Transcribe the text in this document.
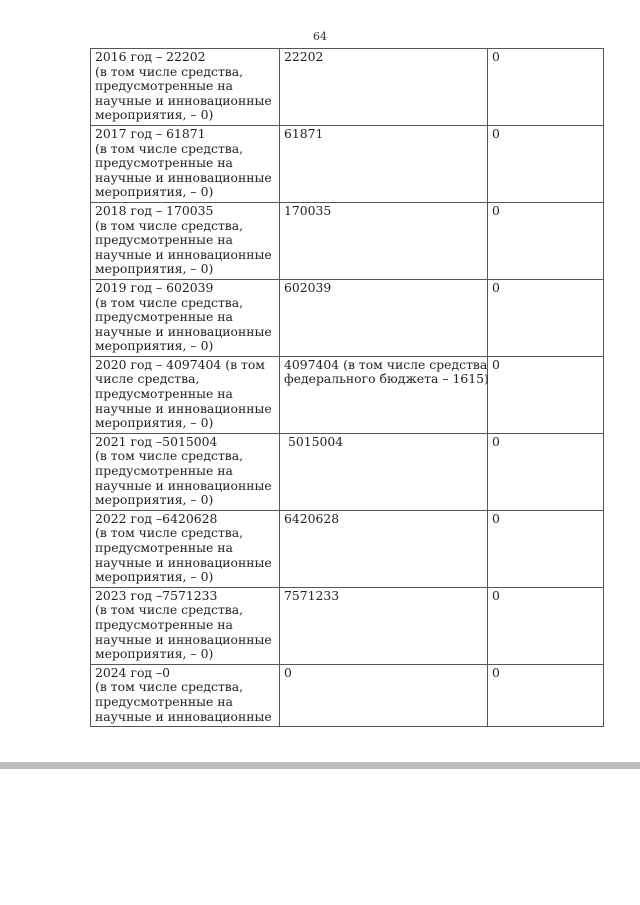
64
2016 год – 22202
(в том числе средства,
предусмотренные на
научные и инновационные
мероприятия, – 0)	22202	0

2017 год – 61871
(в том числе средства,
предусмотренные на
научные и инновационные
мероприятия, – 0)	61871	0

2018 год – 170035
(в том числе средства,
предусмотренные на
научные и инновационные
мероприятия, – 0)	170035	0

2019 год – 602039
(в том числе средства,
предусмотренные на
научные и инновационные
мероприятия, – 0)	602039	0

2020 год – 4097404 (в том
числе средства,
предусмотренные на
научные и инновационные
мероприятия, – 0)	4097404 (в том числе средства
федерального бюджета – 1615)	0

2021 год –5015004
(в том числе средства,
предусмотренные на
научные и инновационные
мероприятия, – 0)	5015004	0

2022 год –6420628
(в том числе средства,
предусмотренные на
научные и инновационные
мероприятия, – 0)	6420628	0

2023 год –7571233
(в том числе средства,
предусмотренные на
научные и инновационные
мероприятия, – 0)	7571233	0

2024 год –0
(в том числе средства,
предусмотренные на
научные и инновационные	0	0
